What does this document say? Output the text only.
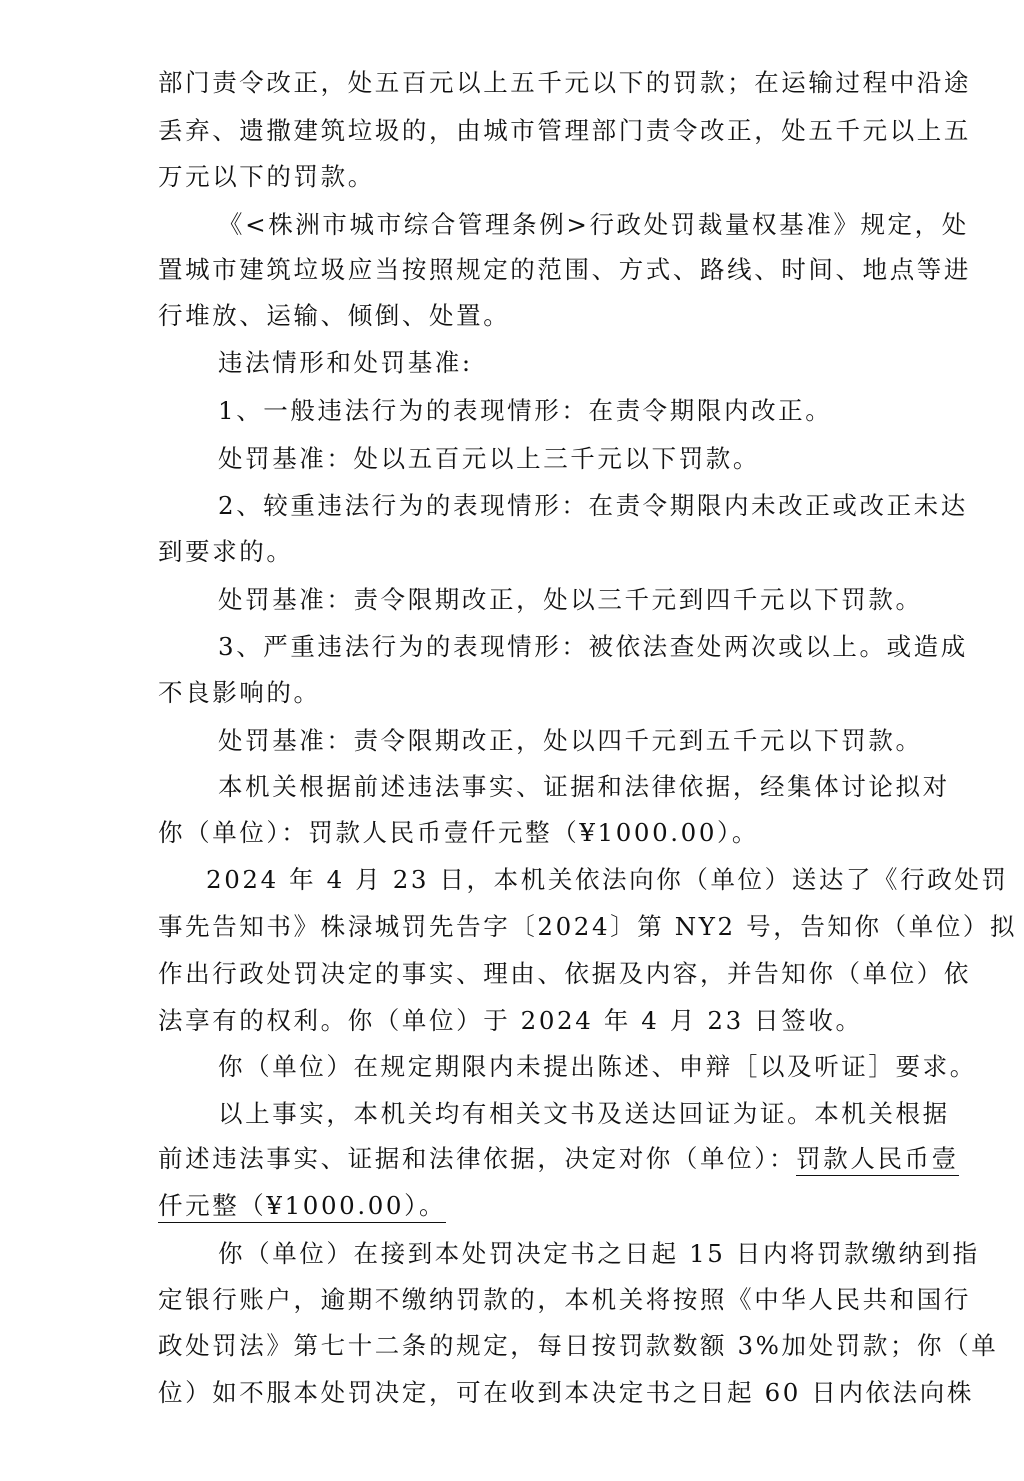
部门责令改正，处五百元以上五千元以下的罚款；在运输过程中沿途
丢弃、遗撒建筑垃圾的，由城市管理部门责令改正，处五千元以上五
万元以下的罚款。
《<株洲市城市综合管理条例>行政处罚裁量权基准》规定，处
置城市建筑垃圾应当按照规定的范围、方式、路线、时间、地点等进
行堆放、运输、倾倒、处置。
违法情形和处罚基准:
1、一般违法行为的表现情形：在责令期限内改正。
处罚基准：处以五百元以上三千元以下罚款。
2、较重违法行为的表现情形：在责令期限内未改正或改正未达
到要求的。
处罚基准：责令限期改正，处以三千元到四千元以下罚款。
3、严重违法行为的表现情形：被依法查处两次或以上。或造成
不良影响的。
处罚基准：责令限期改正，处以四千元到五千元以下罚款。
本机关根据前述违法事实、证据和法律依据，经集体讨论拟对
你（单位）：罚款人民币壹仟元整（¥1000.00）。
2024 年 4 月 23 日，本机关依法向你（单位）送达了《行政处罚
事先告知书》株渌城罚先告字〔2024〕第 NY2 号，告知你（单位）拟
作出行政处罚决定的事实、理由、依据及内容，并告知你（单位）依
法享有的权利。你（单位）于 2024 年 4 月 23 日签收。
你（单位）在规定期限内未提出陈述、申辩［以及听证］要求。
以上事实，本机关均有相关文书及送达回证为证。本机关根据
前述违法事实、证据和法律依据，决定对你（单位）：罚款人民币壹
仟元整（¥1000.00）。
你（单位）在接到本处罚决定书之日起 15 日内将罚款缴纳到指
定银行账户，逾期不缴纳罚款的，本机关将按照《中华人民共和国行
政处罚法》第七十二条的规定，每日按罚款数额 3%加处罚款；你（单
位）如不服本处罚决定，可在收到本决定书之日起 60 日内依法向株
